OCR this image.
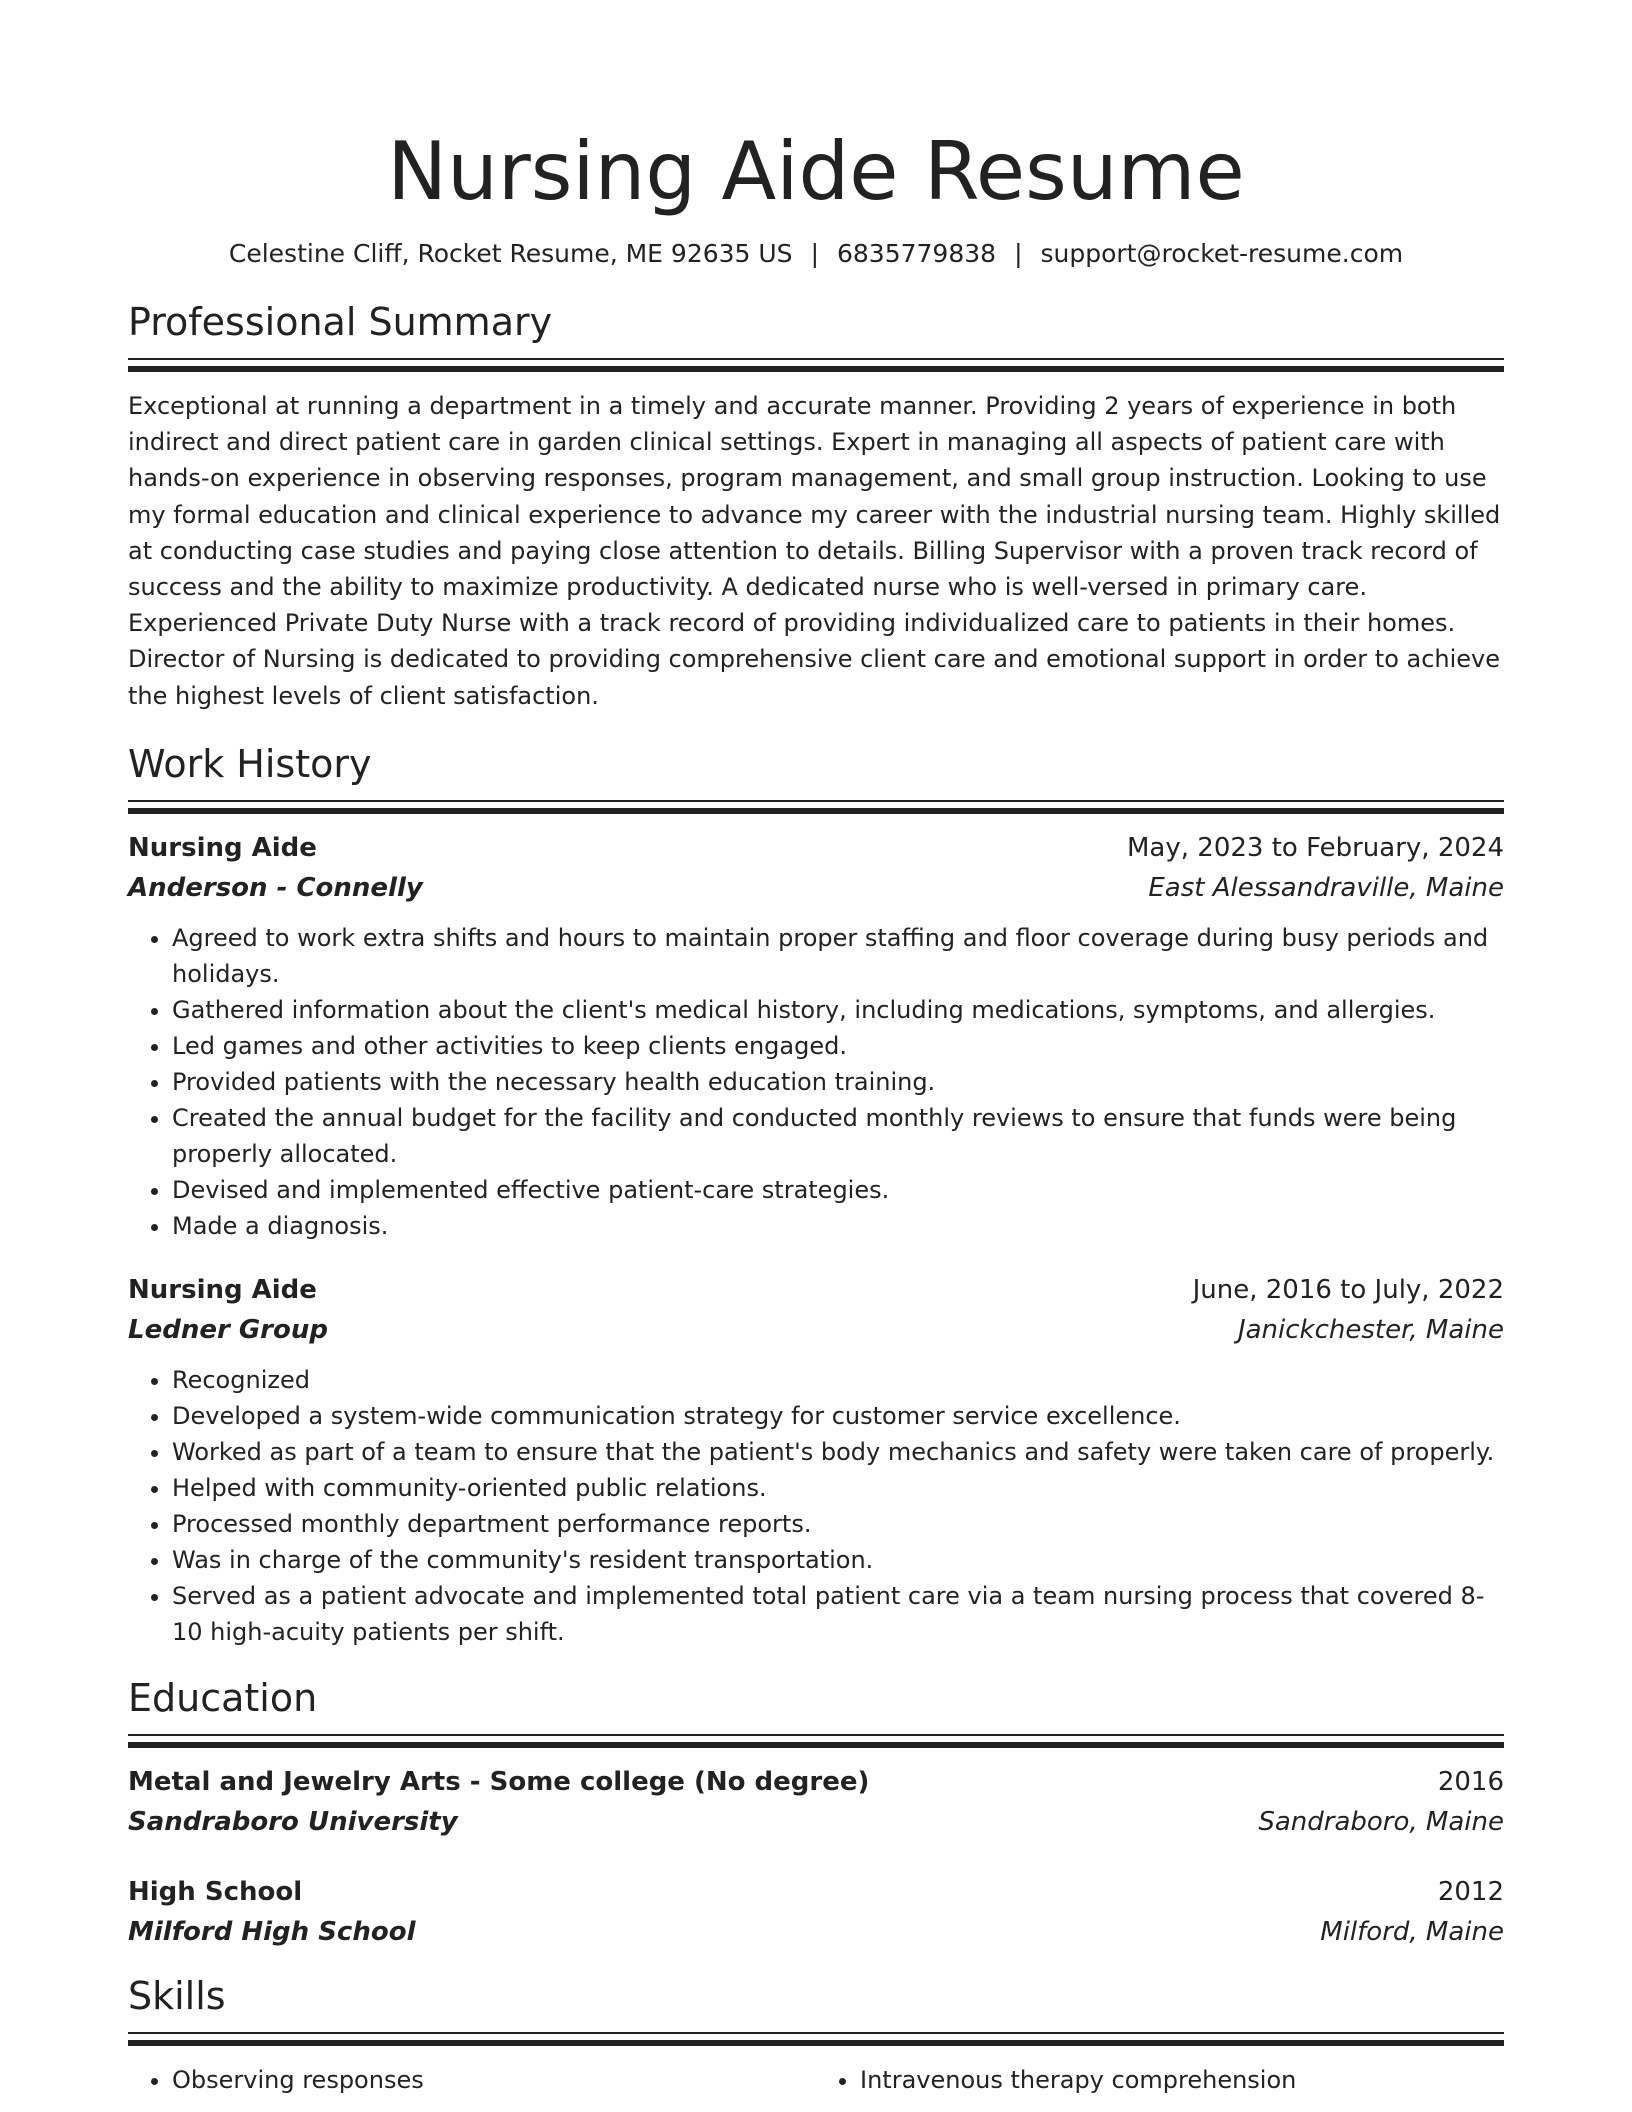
Nursing Aide Resume
Celestine Cliff, Rocket Resume, ME 92635 US | 6835779838 | support@rocket-resume.com
Professional Summary

Exceptional at running a department in a timely and accurate manner. Providing 2 years of experience in both indirect and direct patient care in garden clinical settings. Expert in managing all aspects of patient care with hands-on experience in observing responses, program management, and small group instruction. Looking to use my formal education and clinical experience to advance my career with the industrial nursing team. Highly skilled at conducting case studies and paying close attention to details. Billing Supervisor with a proven track record of success and the ability to maximize productivity. A dedicated nurse who is well-versed in primary care. Experienced Private Duty Nurse with a track record of providing individualized care to patients in their homes. Director of Nursing is dedicated to providing comprehensive client care and emotional support in order to achieve the highest levels of client satisfaction.

Work History
Nursing Aide	May, 2023 to February, 2024
Anderson - Connelly	East Alessandraville, Maine
• Agreed to work extra shifts and hours to maintain proper staffing and floor coverage during busy periods and holidays.
• Gathered information about the client's medical history, including medications, symptoms, and allergies.
• Led games and other activities to keep clients engaged.
• Provided patients with the necessary health education training.
• Created the annual budget for the facility and conducted monthly reviews to ensure that funds were being properly allocated.
• Devised and implemented effective patient-care strategies.
• Made a diagnosis.
Nursing Aide	June, 2016 to July, 2022
Ledner Group	Janickchester, Maine
• Recognized
• Developed a system-wide communication strategy for customer service excellence.
• Worked as part of a team to ensure that the patient's body mechanics and safety were taken care of properly.
• Helped with community-oriented public relations.
• Processed monthly department performance reports.
• Was in charge of the community's resident transportation.
• Served as a patient advocate and implemented total patient care via a team nursing process that covered 8-10 high-acuity patients per shift.
Education
Metal and Jewelry Arts - Some college (No degree)	2016
Sandraboro University	Sandraboro, Maine
High School	2012
Milford High School	Milford, Maine
Skills
• Observing responses
•	Intravenous therapy comprehension
